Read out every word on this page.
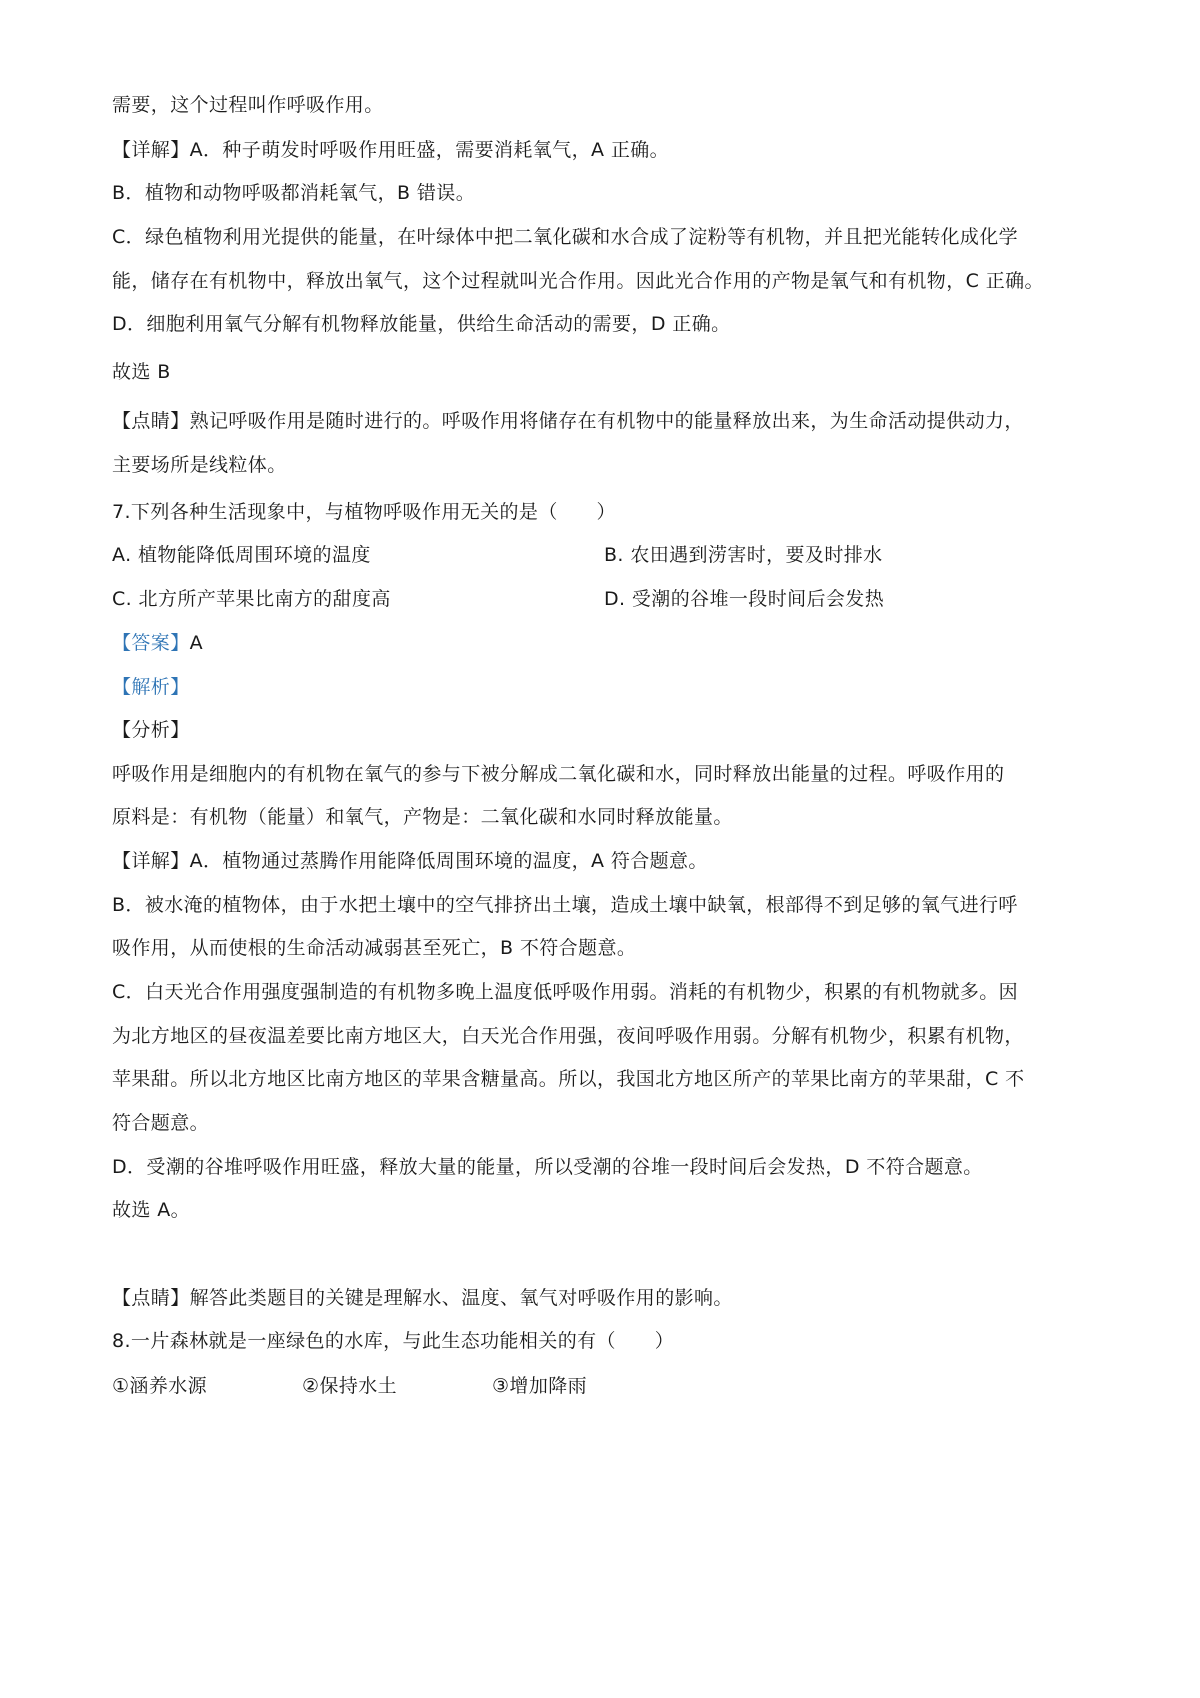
需要，这个过程叫作呼吸作用。
【详解】A．种子萌发时呼吸作用旺盛，需要消耗氧气，A 正确。
B．植物和动物呼吸都消耗氧气，B 错误。
C．绿色植物利用光提供的能量，在叶绿体中把二氧化碳和水合成了淀粉等有机物，并且把光能转化成化学
能，储存在有机物中，释放出氧气，这个过程就叫光合作用。因此光合作用的产物是氧气和有机物，C 正确。
D．细胞利用氧气分解有机物释放能量，供给生命活动的需要，D 正确。
故选 B
【点睛】熟记呼吸作用是随时进行的。呼吸作用将储存在有机物中的能量释放出来，为生命活动提供动力，
主要场所是线粒体。
7.下列各种生活现象中，与植物呼吸作用无关的是（　　）
A. 植物能降低周围环境的温度	B. 农田遇到涝害时，要及时排水
C. 北方所产苹果比南方的甜度高	D. 受潮的谷堆一段时间后会发热
【答案】A
【解析】
【分析】
呼吸作用是细胞内的有机物在氧气的参与下被分解成二氧化碳和水，同时释放出能量的过程。呼吸作用的
原料是：有机物（能量）和氧气，产物是：二氧化碳和水同时释放能量。
【详解】A．植物通过蒸腾作用能降低周围环境的温度，A 符合题意。
B．被水淹的植物体，由于水把土壤中的空气排挤出土壤，造成土壤中缺氧，根部得不到足够的氧气进行呼
吸作用，从而使根的生命活动减弱甚至死亡，B 不符合题意。
C．白天光合作用强度强制造的有机物多晚上温度低呼吸作用弱。消耗的有机物少，积累的有机物就多。因
为北方地区的昼夜温差要比南方地区大，白天光合作用强，夜间呼吸作用弱。分解有机物少，积累有机物，
苹果甜。所以北方地区比南方地区的苹果含糖量高。所以，我国北方地区所产的苹果比南方的苹果甜，C 不
符合题意。
D．受潮的谷堆呼吸作用旺盛，释放大量的能量，所以受潮的谷堆一段时间后会发热，D 不符合题意。
故选 A。
【点睛】解答此类题目的关键是理解水、温度、氧气对呼吸作用的影响。
8.一片森林就是一座绿色的水库，与此生态功能相关的有（　　）
①涵养水源	②保持水土	③增加降雨
